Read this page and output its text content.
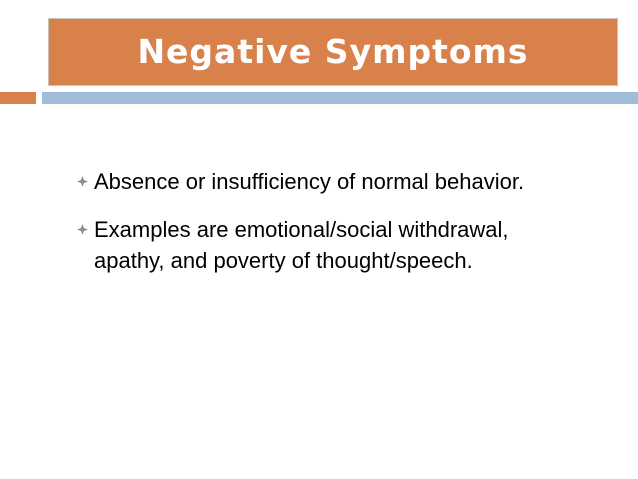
Negative Symptoms
Absence or insufficiency of normal behavior.
Examples are emotional/social withdrawal, apathy, and poverty of thought/speech.
